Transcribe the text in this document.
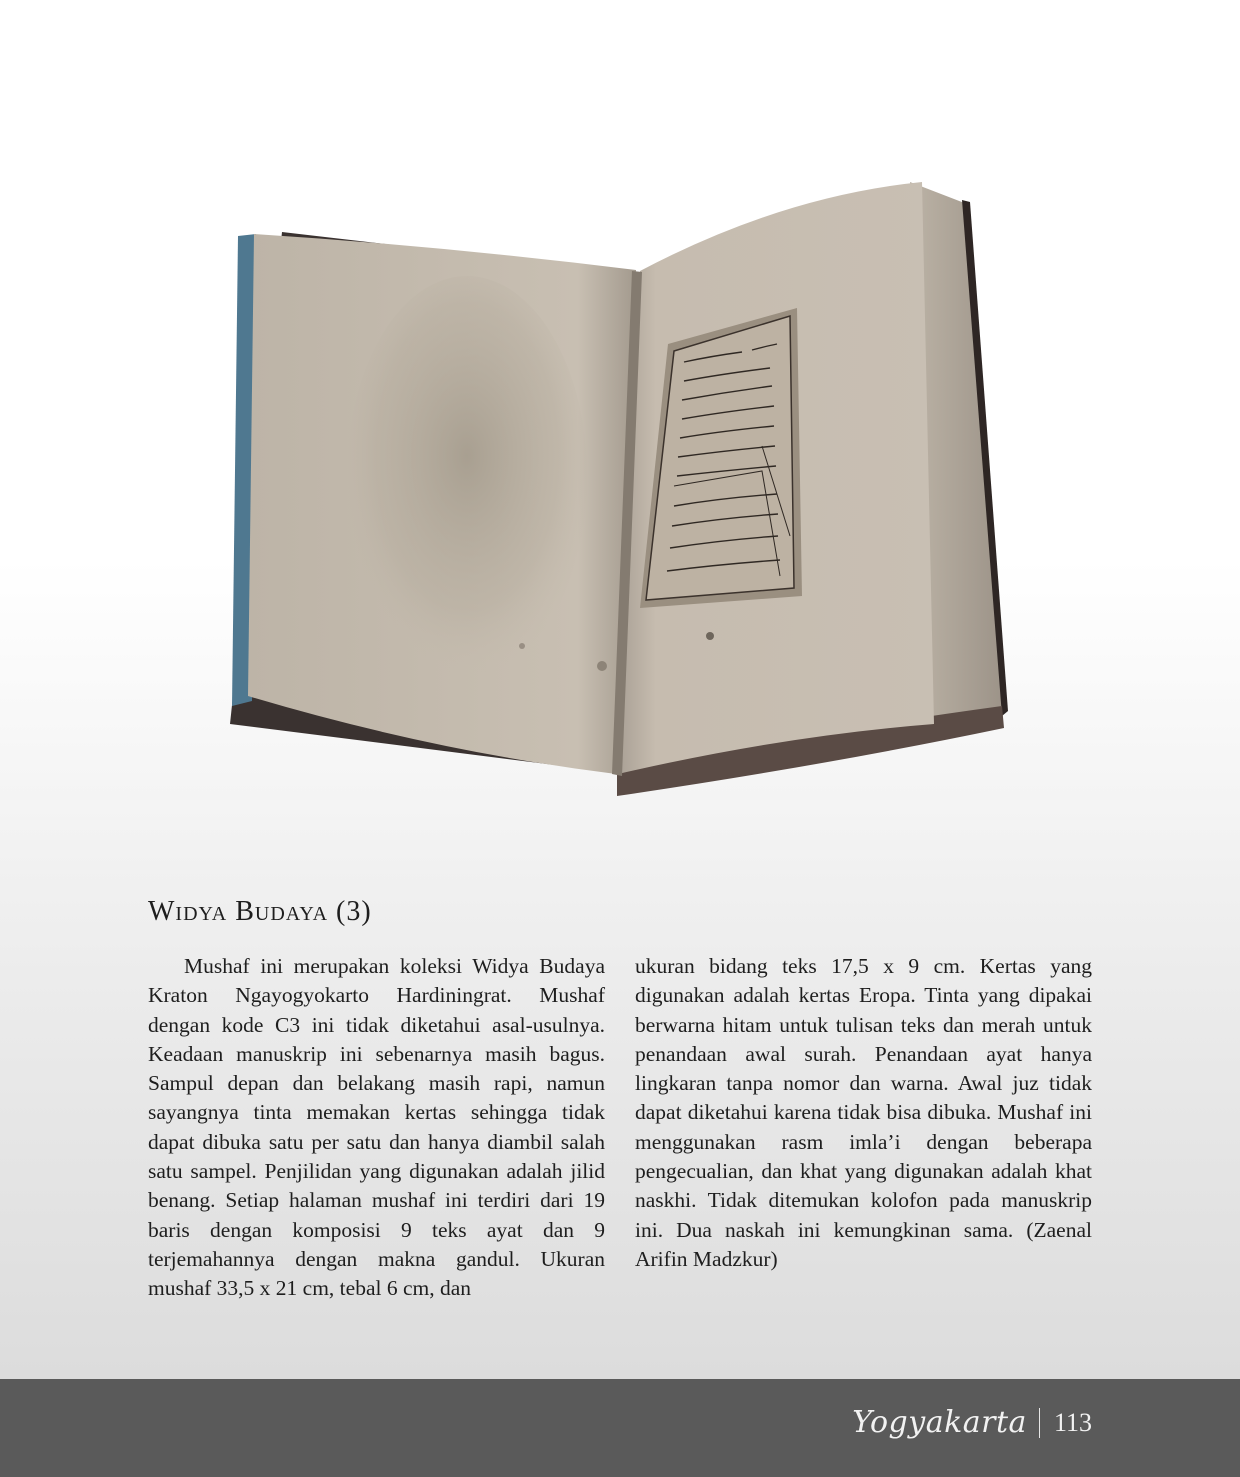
Widya Budaya (3)

Mushaf ini merupakan koleksi Widya Budaya Kraton Ngayogyokarto Hardiningrat. Mushaf dengan kode C3 ini tidak diketahui asal-usulnya. Keadaan manuskrip ini sebenarnya masih bagus. Sampul depan dan belakang masih rapi, namun sayangnya tinta memakan kertas sehingga tidak dapat dibuka satu per satu dan hanya diambil salah satu sampel. Penjilidan yang digunakan adalah jilid benang. Setiap halaman mushaf ini terdiri dari 19 baris dengan komposisi 9 teks ayat dan 9 terjemahannya dengan makna gandul. Ukuran mushaf 33,5 x 21 cm, tebal 6 cm, dan

ukuran bidang teks 17,5 x 9 cm. Kertas yang digunakan adalah kertas Eropa. Tinta yang dipakai berwarna hitam untuk tulisan teks dan merah untuk penandaan awal surah. Penandaan ayat hanya lingkaran tanpa nomor dan warna. Awal juz tidak dapat diketahui karena tidak bisa dibuka. Mushaf ini menggunakan rasm imla’i dengan beberapa pengecualian, dan khat yang digunakan adalah khat naskhi. Tidak ditemukan kolofon pada manuskrip ini. Dua naskah ini kemungkinan sama. (Zaenal Arifin Madzkur)

Yogyakarta 113
